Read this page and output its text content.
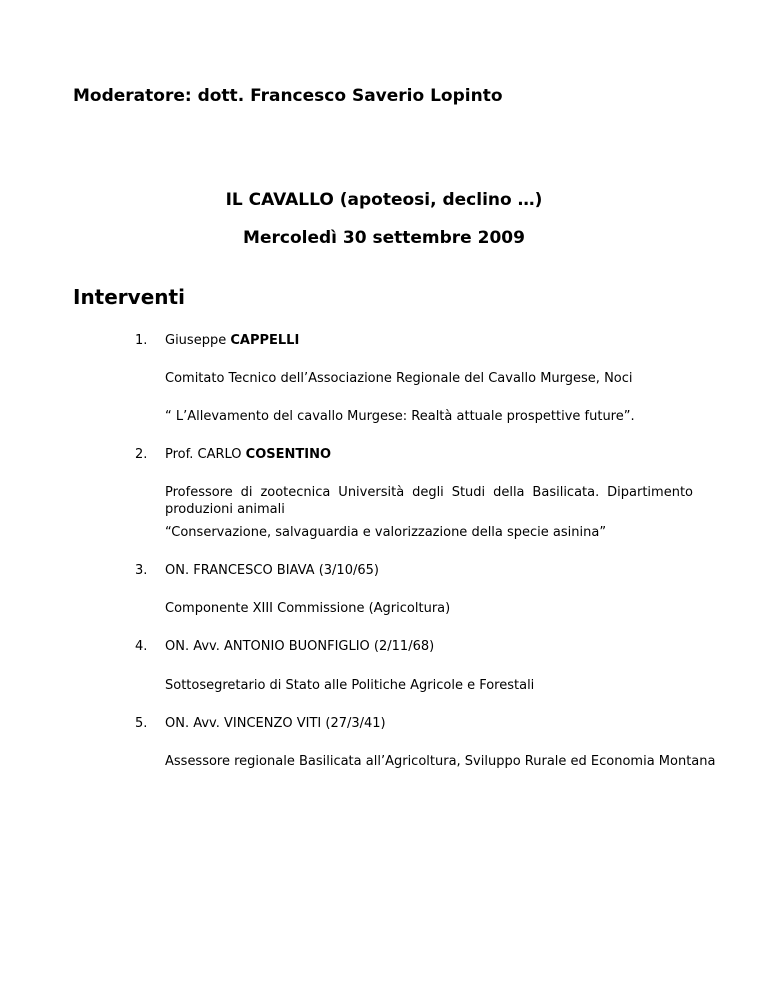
Moderatore: dott. Francesco Saverio Lopinto
IL CAVALLO (apoteosi, declino …)
Mercoledì 30 settembre 2009
Interventi
1. Giuseppe CAPPELLI
Comitato Tecnico dell’Associazione Regionale del Cavallo Murgese, Noci
“ L’Allevamento del cavallo Murgese: Realtà attuale prospettive future”.
2. Prof. CARLO COSENTINO
Professore di zootecnica Università degli Studi della Basilicata. Dipartimento produzioni animali
“Conservazione, salvaguardia e valorizzazione della specie asinina”
3. ON. FRANCESCO BIAVA (3/10/65)
Componente XIII Commissione (Agricoltura)
4. ON. Avv. ANTONIO BUONFIGLIO (2/11/68)
Sottosegretario di Stato alle Politiche Agricole e Forestali
5. ON. Avv. VINCENZO VITI (27/3/41)
Assessore regionale Basilicata all’Agricoltura, Sviluppo Rurale ed Economia Montana
